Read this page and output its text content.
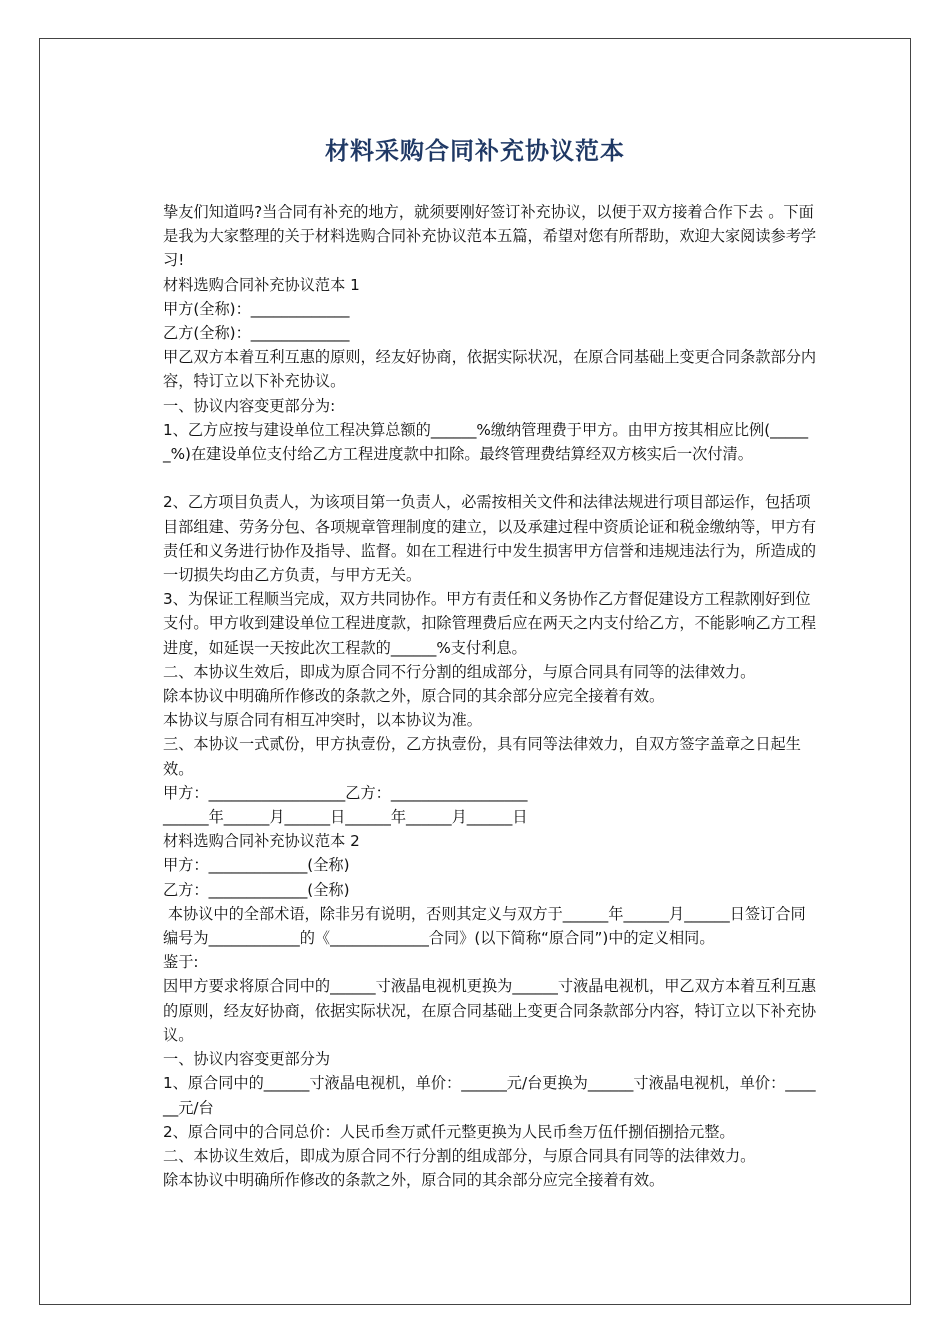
材料采购合同补充协议范本

挚友们知道吗?当合同有补充的地方，就须要刚好签订补充协议，以便于双方接着合作下去 。下面是我为大家整理的关于材料选购合同补充协议范本五篇，希望对您有所帮助，欢迎大家阅读参考学习!

材料选购合同补充协议范本 1

甲方(全称)：_____________

乙方(全称)：_____________

甲乙双方本着互利互惠的原则，经友好协商，依据实际状况，在原合同基础上变更合同条款部分内容，特订立以下补充协议。

一、协议内容变更部分为:

1、乙方应按与建设单位工程决算总额的______%缴纳管理费于甲方。由甲方按其相应比例(______%)在建设单位支付给乙方工程进度款中扣除。最终管理费结算经双方核实后一次付清。

2、乙方项目负责人，为该项目第一负责人，必需按相关文件和法律法规进行项目部运作，包括项目部组建、劳务分包、各项规章管理制度的建立，以及承建过程中资质论证和税金缴纳等，甲方有责任和义务进行协作及指导、监督。如在工程进行中发生损害甲方信誉和违规违法行为，所造成的一切损失均由乙方负责，与甲方无关。

3、为保证工程顺当完成，双方共同协作。甲方有责任和义务协作乙方督促建设方工程款刚好到位支付。甲方收到建设单位工程进度款，扣除管理费后应在两天之内支付给乙方，不能影响乙方工程进度，如延误一天按此次工程款的______%支付利息。

二、本协议生效后，即成为原合同不行分割的组成部分，与原合同具有同等的法律效力。

除本协议中明确所作修改的条款之外，原合同的其余部分应完全接着有效。

本协议与原合同有相互冲突时，以本协议为准。

三、本协议一式贰份，甲方执壹份，乙方执壹份，具有同等法律效力，自双方签字盖章之日起生效。

甲方：__________________乙方：__________________

______年______月______日______年______月______日

材料选购合同补充协议范本 2

甲方：_____________(全称)

乙方：_____________(全称)

本协议中的全部术语，除非另有说明，否则其定义与双方于______年______月______日签订合同编号为____________的《_____________合同》(以下简称“原合同”)中的定义相同。

鉴于:

因甲方要求将原合同中的______寸液晶电视机更换为______寸液晶电视机，甲乙双方本着互利互惠的原则，经友好协商，依据实际状况，在原合同基础上变更合同条款部分内容，特订立以下补充协议。

一、协议内容变更部分为

1、原合同中的______寸液晶电视机，单价：______元/台更换为______寸液晶电视机，单价：______元/台

2、原合同中的合同总价：人民币叁万贰仟元整更换为人民币叁万伍仟捌佰捌拾元整。

二、本协议生效后，即成为原合同不行分割的组成部分，与原合同具有同等的法律效力。

除本协议中明确所作修改的条款之外，原合同的其余部分应完全接着有效。
